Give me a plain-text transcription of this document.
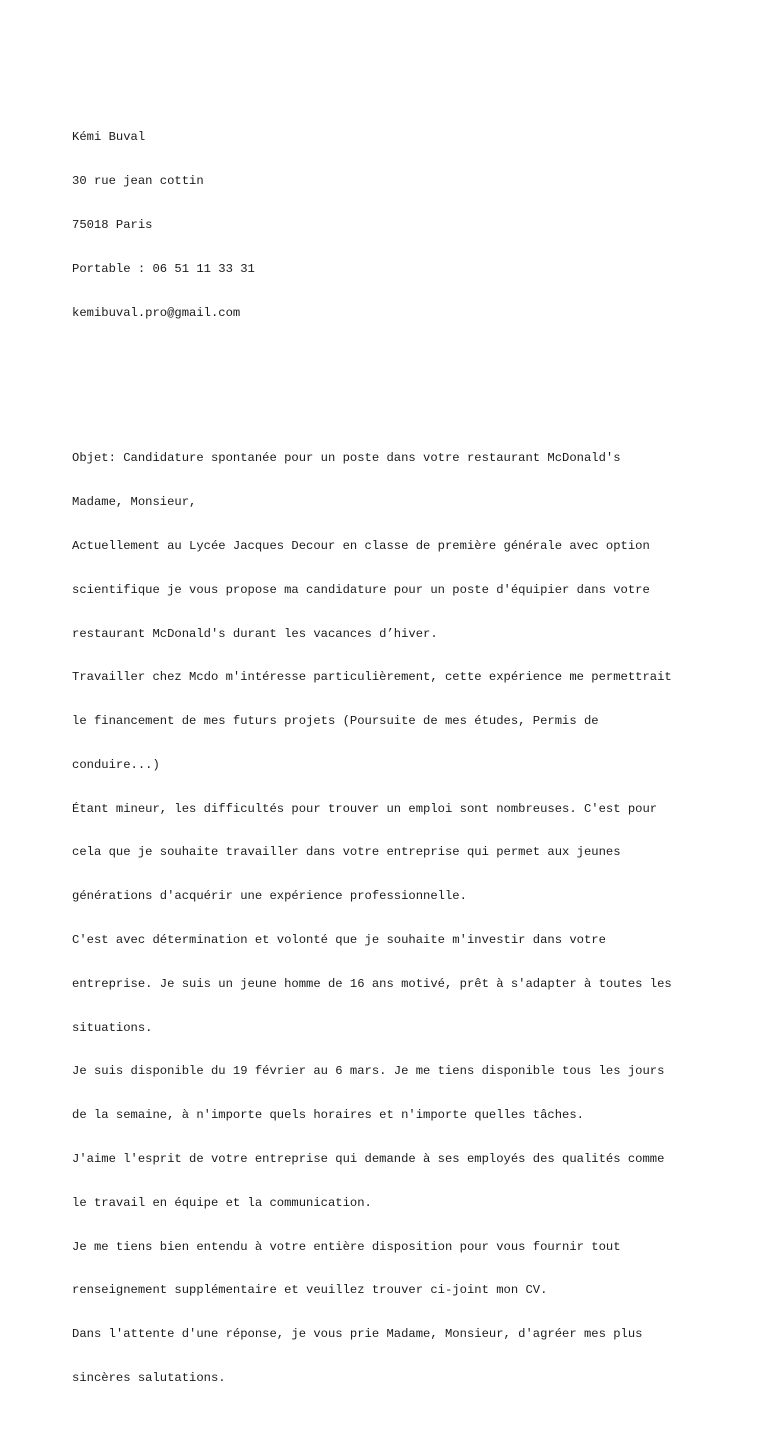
Kémi Buval

30 rue jean cottin

75018 Paris

Portable : 06 51 11 33 31

kemibuval.pro@gmail.com

Objet: Candidature spontanée pour un poste dans votre restaurant McDonald's

Madame, Monsieur,

Actuellement au Lycée Jacques Decour en classe de première générale avec option

scientifique je vous propose ma candidature pour un poste d'équipier dans votre

restaurant McDonald's durant les vacances d’hiver.

Travailler chez Mcdo m'intéresse particulièrement, cette expérience me permettrait

le financement de mes futurs projets (Poursuite de mes études, Permis de

conduire...)

Étant mineur, les difficultés pour trouver un emploi sont nombreuses. C'est pour

cela que je souhaite travailler dans votre entreprise qui permet aux jeunes

générations d'acquérir une expérience professionnelle.

C'est avec détermination et volonté que je souhaite m'investir dans votre

entreprise. Je suis un jeune homme de 16 ans motivé, prêt à s'adapter à toutes les

situations.

Je suis disponible du 19 février au 6 mars. Je me tiens disponible tous les jours

de la semaine, à n'importe quels horaires et n'importe quelles tâches.

J'aime l'esprit de votre entreprise qui demande à ses employés des qualités comme

le travail en équipe et la communication.

Je me tiens bien entendu à votre entière disposition pour vous fournir tout

renseignement supplémentaire et veuillez trouver ci-joint mon CV.

Dans l'attente d'une réponse, je vous prie Madame, Monsieur, d'agréer mes plus

sincères salutations.
